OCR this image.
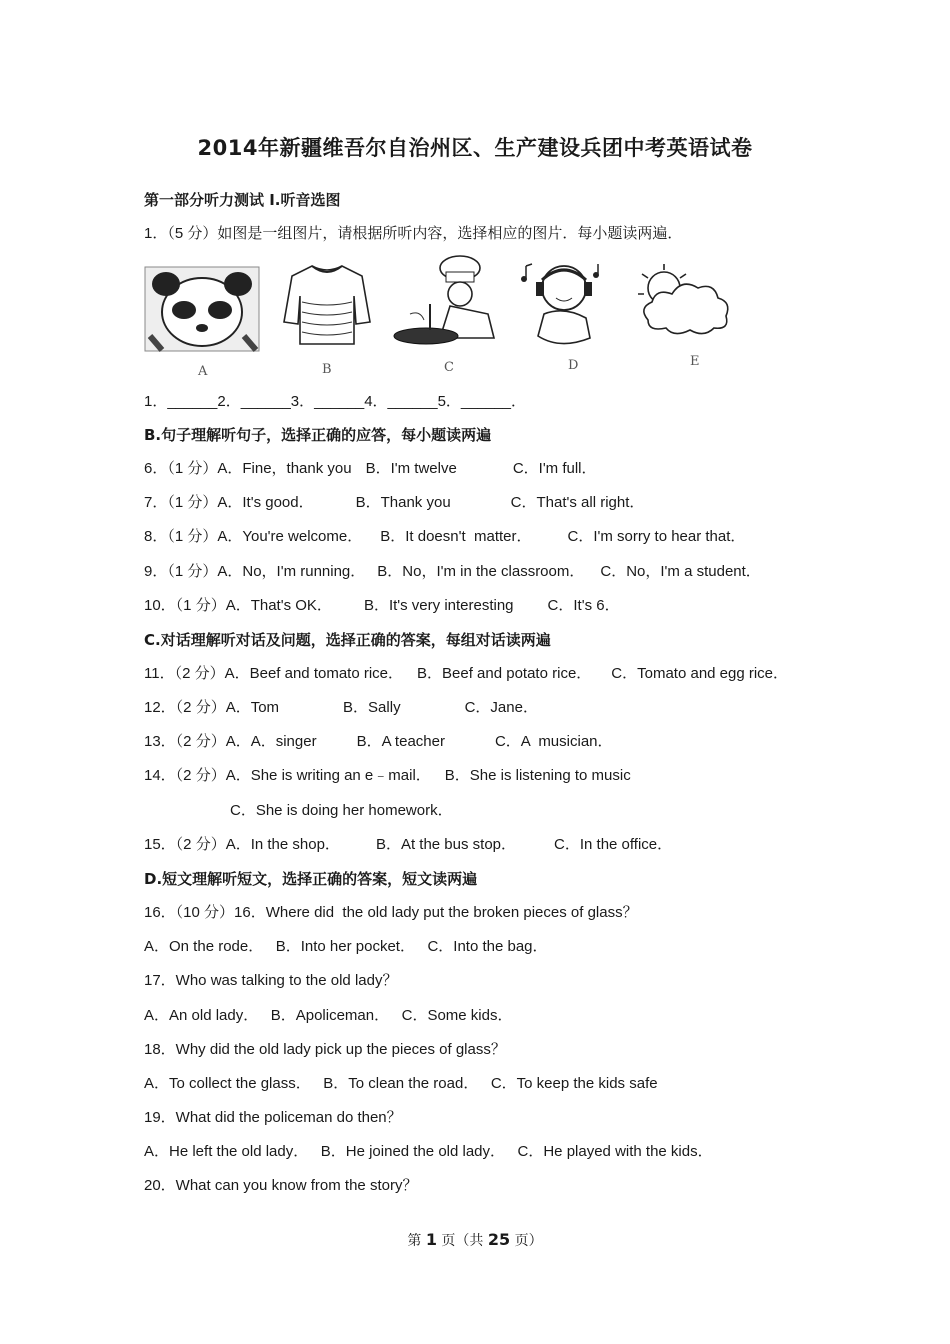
2014年新疆维吾尔自治州区、生产建设兵团中考英语试卷
第一部分听力测试 I.听音选图
1．（5 分）如图是一组图片，请根据所听内容，选择相应的图片．每小题读两遍．
A	B	C	D	E
1．______2．______3．______4．______5．______．
B.句子理解听句子，选择正确的应答，每小题读两遍
6．（1 分）A．Fine，thank you B．I'm twelve	C．I'm full．
7．（1 分）A．It's good．	B．Thank you	C．That's all right．
8．（1 分）A．You're welcome． B．It doesn't  matter． C．I'm sorry to hear that．
9．（1 分）A．No，I'm running． B．No，I'm in the classroom． C．No，I'm a student．
10．（1 分）A．That's OK． B．It's very interesting C．It's 6．
C.对话理解听对话及问题，选择正确的答案，每组对话读两遍
11．（2 分）A．Beef and tomato rice． B．Beef and potato rice． C．Tomato and egg rice．
12．（2 分）A．Tom	B．Sally	C．Jane．
13．（2 分）A．A．singer	B．A teacher	C．A  musician．
14．（2 分）A．She is writing an e﹣mail． B．She is listening to music
C．She is doing her homework．
15．（2 分）A．In the shop． B．At the bus stop．	C．In the office．
D.短文理解听短文，选择正确的答案，短文读两遍
16．（10 分）16．Where did  the old lady put the broken pieces of glass？
A．On the rode．   B．Into her pocket．   C．Into the bag．
17．Who was talking to the old lady？
A．An old lady．   B．Apoliceman．   C．Some kids．
18．Why did the old lady pick up the pieces of glass？
A．To collect the glass．   B．To clean the road．   C．To keep the kids safe
19．What did the policeman do then？
A．He left the old lady．   B．He joined the old lady．   C．He played with the kids．
20．What can you know from the story？
第 1 页（共 25 页）
